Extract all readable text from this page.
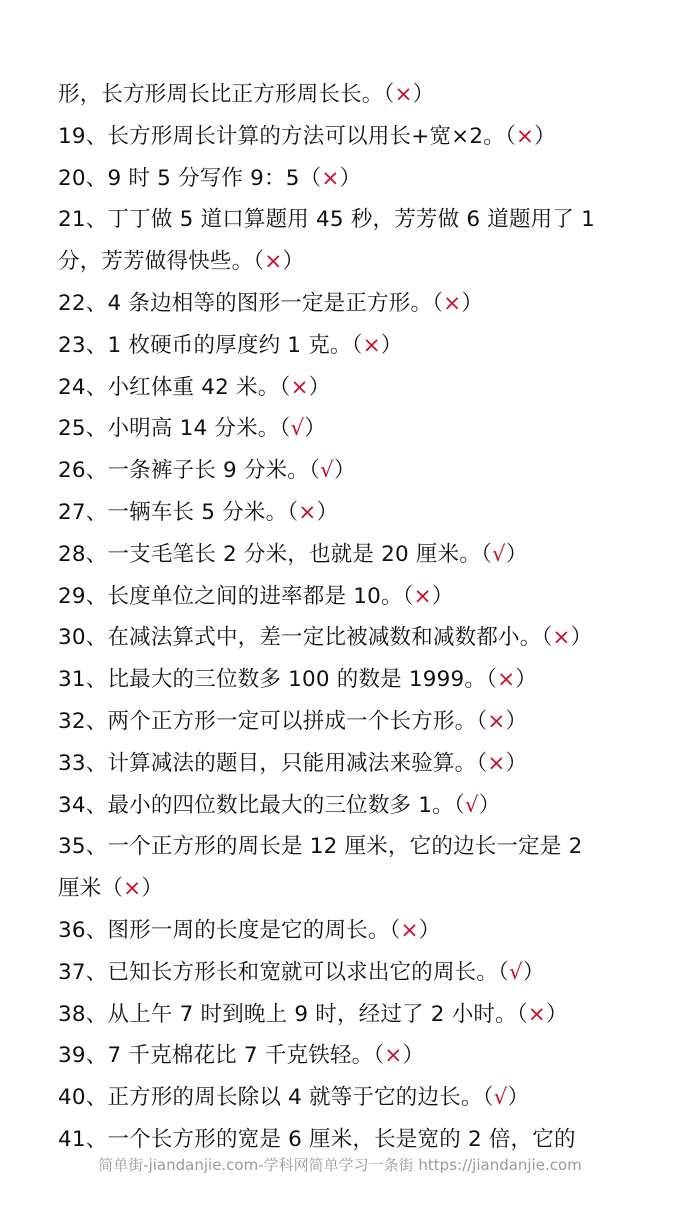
形，长方形周长比正方形周长长。（×）
19、长方形周长计算的方法可以用长+宽×2。（×）
20、9 时 5 分写作 9：5（×）
21、丁丁做 5 道口算题用 45 秒，芳芳做 6 道题用了 1
分，芳芳做得快些。（×）
22、4 条边相等的图形一定是正方形。（×）
23、1 枚硬币的厚度约 1 克。（×）
24、小红体重 42 米。（×）
25、小明高 14 分米。（√）
26、一条裤子长 9 分米。（√）
27、一辆车长 5 分米。（×）
28、一支毛笔长 2 分米，也就是 20 厘米。（√）
29、长度单位之间的进率都是 10。（×）
30、在减法算式中，差一定比被减数和减数都小。（×）
31、比最大的三位数多 100 的数是 1999。（×）
32、两个正方形一定可以拼成一个长方形。（×）
33、计算减法的题目，只能用减法来验算。（×）
34、最小的四位数比最大的三位数多 1。（√）
35、一个正方形的周长是 12 厘米，它的边长一定是 2
厘米（×）
36、图形一周的长度是它的周长。（×）
37、已知长方形长和宽就可以求出它的周长。（√）
38、从上午 7 时到晚上 9 时，经过了 2 小时。（×）
39、7 千克棉花比 7 千克铁轻。（×）
40、正方形的周长除以 4 就等于它的边长。（√）
41、一个长方形的宽是 6 厘米，长是宽的 2 倍，它的
简单街-jiandanjie.com-学科网简单学习一条街 https://jiandanjie.com
